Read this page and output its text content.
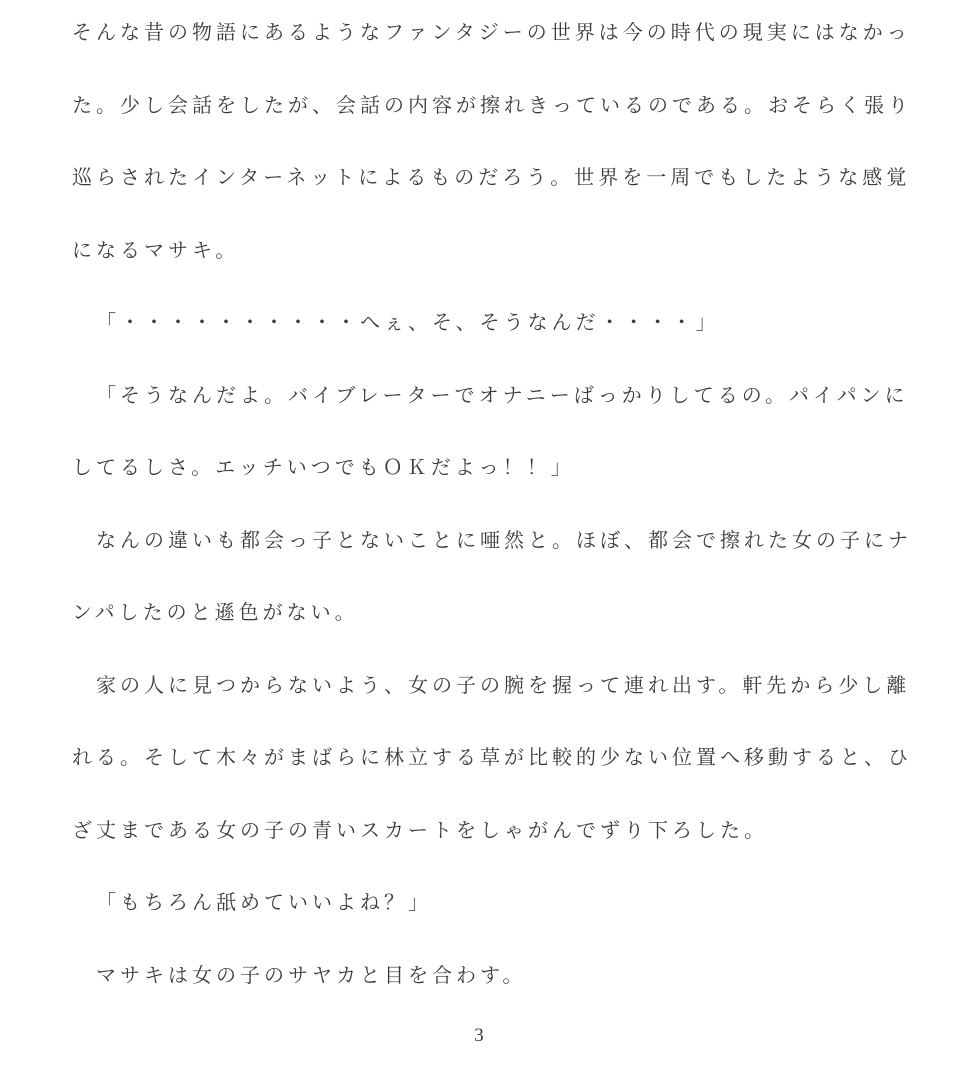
そんな昔の物語にあるようなファンタジーの世界は今の時代の現実にはなかっ
た。少し会話をしたが、会話の内容が擦れきっているのである。おそらく張り
巡らされたインターネットによるものだろう。世界を一周でもしたような感覚
になるマサキ。
「・・・・・・・・・・へぇ、そ、そうなんだ・・・・」
「そうなんだよ。バイブレーターでオナニーばっかりしてるの。パイパンに
してるしさ。エッチいつでもＯＫだよっ！！」
なんの違いも都会っ子とないことに唖然と。ほぼ、都会で擦れた女の子にナ
ンパしたのと遜色がない。
家の人に見つからないよう、女の子の腕を握って連れ出す。軒先から少し離
れる。そして木々がまばらに林立する草が比較的少ない位置へ移動すると、ひ
ざ丈まである女の子の青いスカートをしゃがんでずり下ろした。
「もちろん舐めていいよね？」
マサキは女の子のサヤカと目を合わす。
3
